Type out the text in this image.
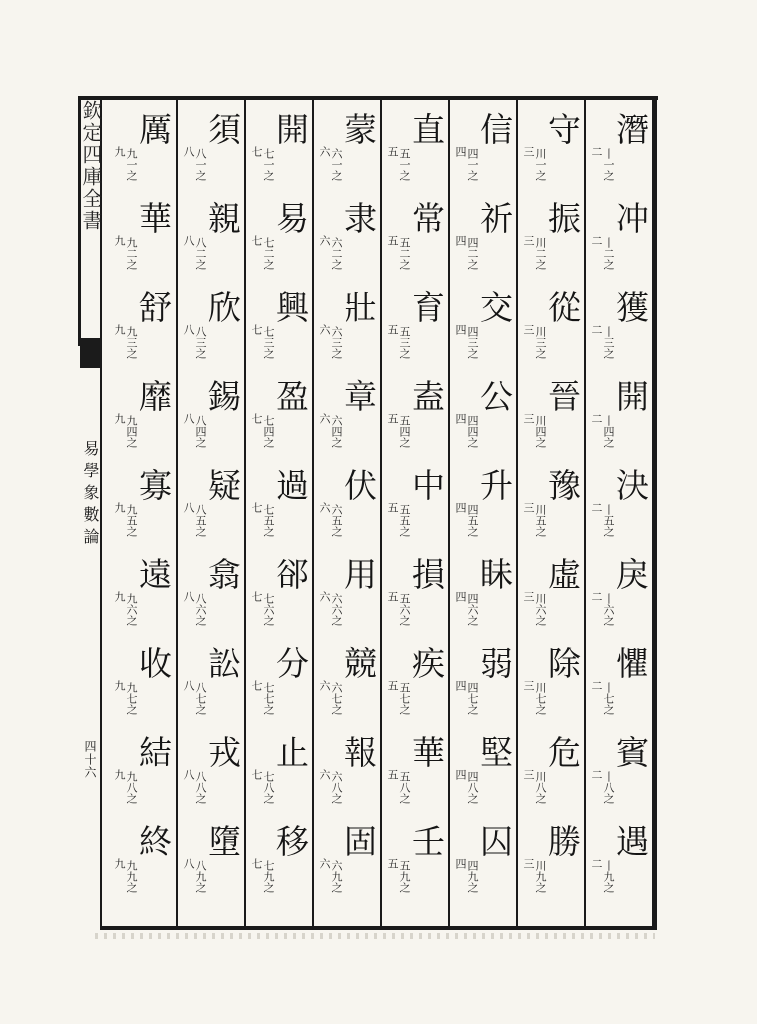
欽定四庫全書
易學象數論
四十六
潛
丨一之
二
冲
丨二之
二
獲
丨三之
二
開
丨四之
二
決
丨五之
二
戾
丨六之
二
懼
丨七之
二
賓
丨八之
二
遇
丨九之
二
守
川一之
三
振
川二之
三
從
川三之
三
晉
川四之
三
豫
川五之
三
虛
川六之
三
除
川七之
三
危
川八之
三
勝
川九之
三
信
四一之
四
祈
四二之
四
交
四三之
四
公
四四之
四
升
四五之
四
眛
四六之
四
弱
四七之
四
堅
四八之
四
囚
四九之
四
直
五一之
五
常
五二之
五
育
五三之
五
盍
五四之
五
中
五五之
五
損
五六之
五
疾
五七之
五
華
五八之
五
壬
五九之
五
蒙
六一之
六
隶
六二之
六
壯
六三之
六
章
六四之
六
伏
六五之
六
用
六六之
六
競
六七之
六
報
六八之
六
固
六九之
六
開
七一之
七
易
七二之
七
興
七三之
七
盈
七四之
七
過
七五之
七
郤
七六之
七
分
七七之
七
止
七八之
七
移
七九之
七
須
八一之
八
親
八二之
八
欣
八三之
八
錫
八四之
八
疑
八五之
八
翕
八六之
八
訟
八七之
八
戎
八八之
八
墮
八九之
八
厲
九一之
九
華
九二之
九
舒
九三之
九
靡
九四之
九
寡
九五之
九
遠
九六之
九
收
九七之
九
結
九八之
九
終
九九之
九
